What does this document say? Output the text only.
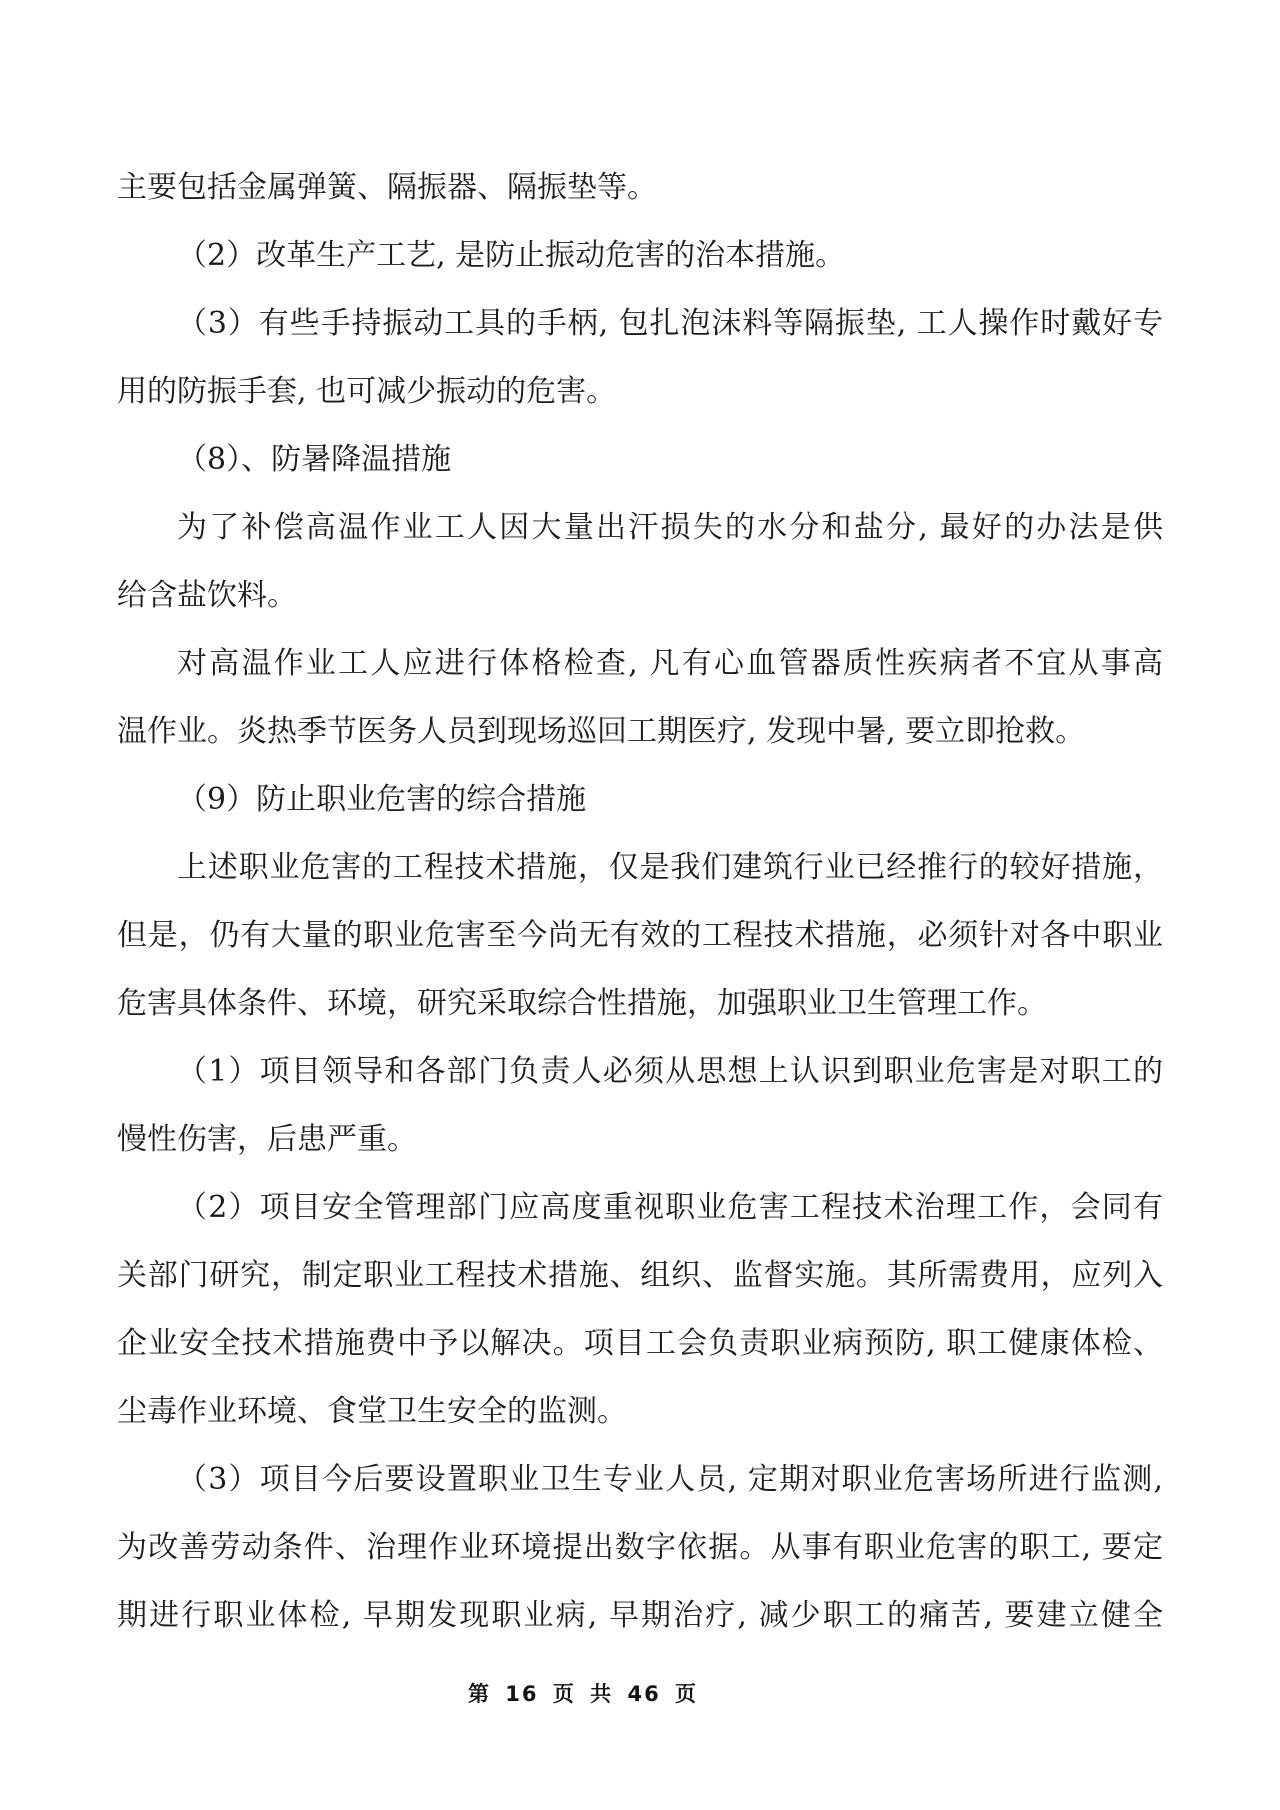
主要包括金属弹簧、隔振器、隔振垫等。
（2）改革生产工艺, 是防止振动危害的治本措施。
（3）有些手持振动工具的手柄, 包扎泡沫料等隔振垫, 工人操作时戴好专
用的防振手套, 也可减少振动的危害。
（8）、防暑降温措施
为了补偿高温作业工人因大量出汗损失的水分和盐分, 最好的办法是供
给含盐饮料。
对高温作业工人应进行体格检查, 凡有心血管器质性疾病者不宜从事高
温作业。炎热季节医务人员到现场巡回工期医疗, 发现中暑, 要立即抢救。
（9）防止职业危害的综合措施
上述职业危害的工程技术措施，仅是我们建筑行业已经推行的较好措施，
但是，仍有大量的职业危害至今尚无有效的工程技术措施，必须针对各中职业
危害具体条件、环境，研究采取综合性措施，加强职业卫生管理工作。
（1）项目领导和各部门负责人必须从思想上认识到职业危害是对职工的
慢性伤害，后患严重。
（2）项目安全管理部门应高度重视职业危害工程技术治理工作，会同有
关部门研究，制定职业工程技术措施、组织、监督实施。其所需费用，应列入
企业安全技术措施费中予以解决。项目工会负责职业病预防, 职工健康体检、
尘毒作业环境、食堂卫生安全的监测。
（3）项目今后要设置职业卫生专业人员, 定期对职业危害场所进行监测,
为改善劳动条件、治理作业环境提出数字依据。从事有职业危害的职工, 要定
期进行职业体检, 早期发现职业病, 早期治疗, 减少职工的痛苦, 要建立健全
第 16 页 共 46 页
